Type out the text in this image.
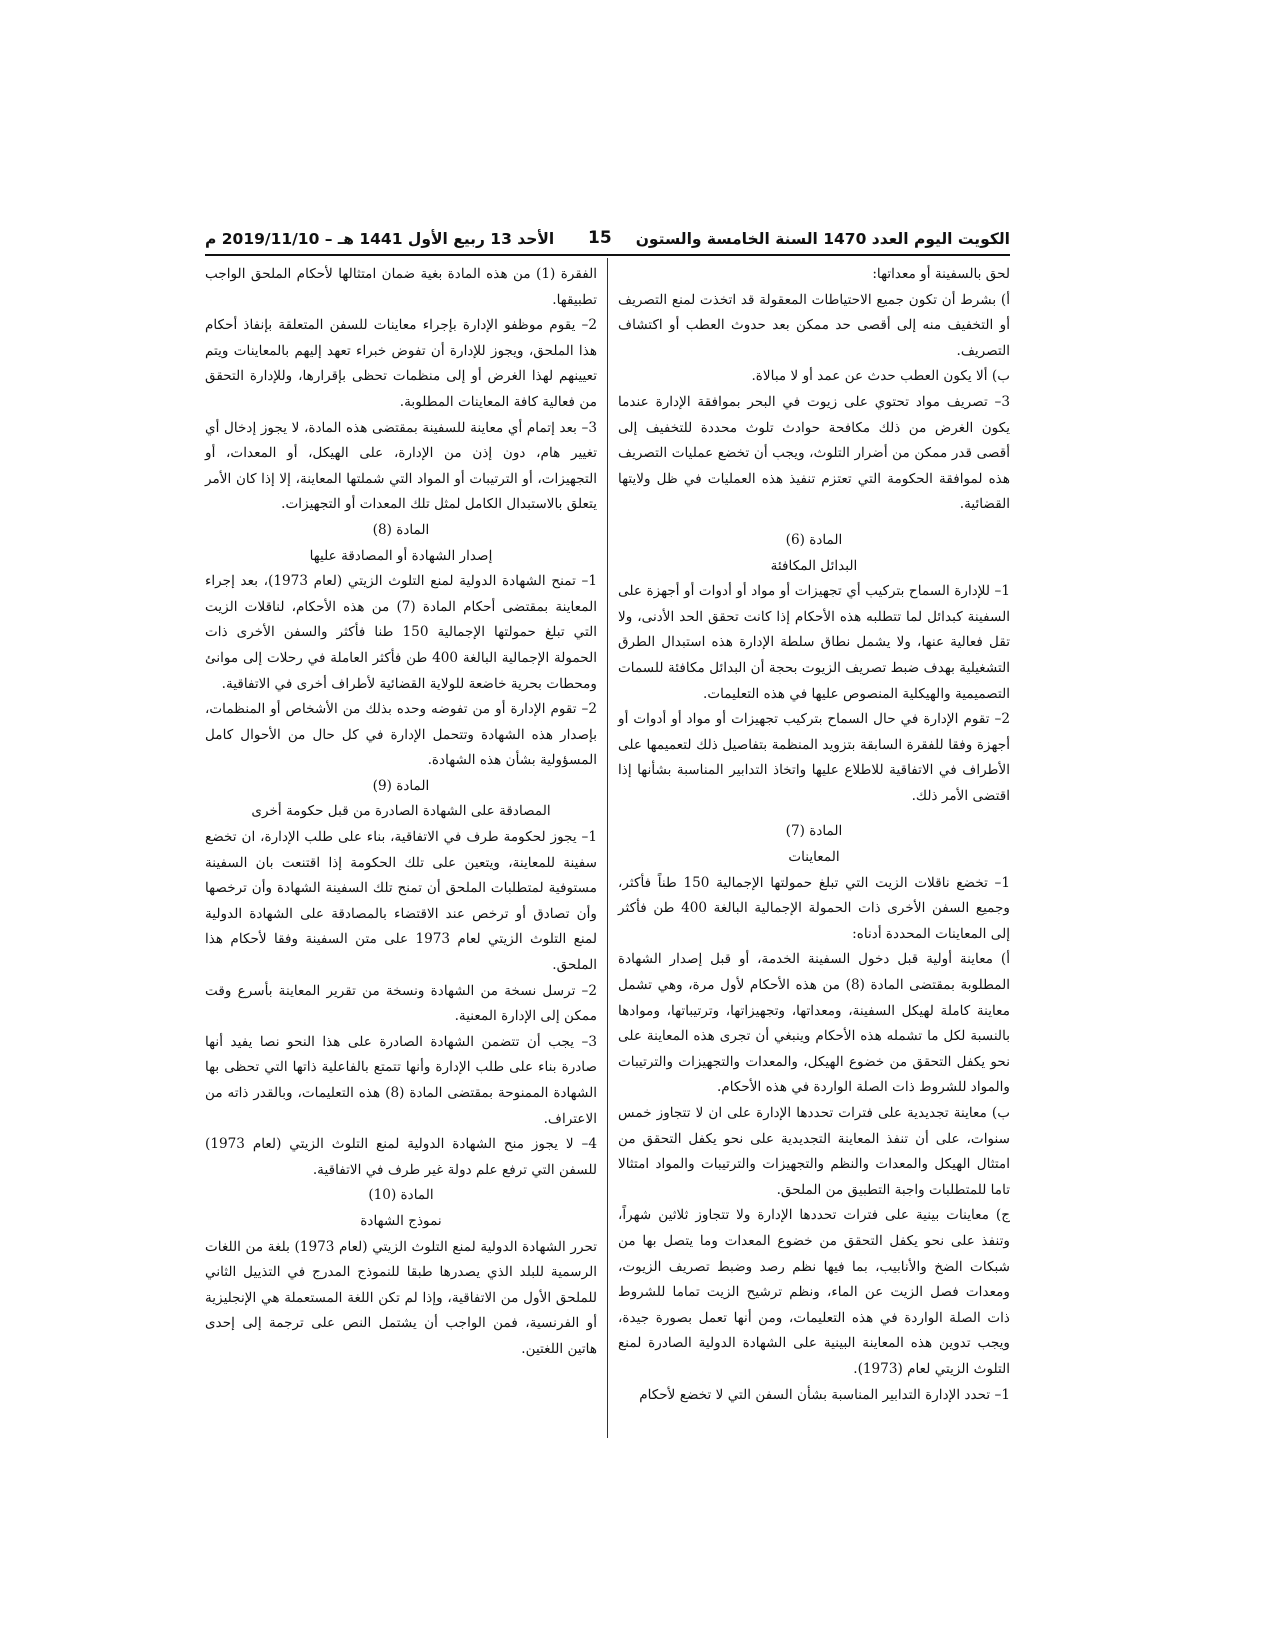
الكويت اليوم العدد 1470 السنة الخامسة والستون
15
الأحد 13 ربيع الأول 1441 هـ – 2019/11/10 م

لحق بالسفينة أو معداتها:

أ) بشرط أن تكون جميع الاحتياطات المعقولة قد اتخذت لمنع التصريف أو التخفيف منه إلى أقصى حد ممكن بعد حدوث العطب أو اكتشاف التصريف.

ب) ألا يكون العطب حدث عن عمد أو لا مبالاة.

3– تصريف مواد تحتوي على زيوت في البحر بموافقة الإدارة عندما يكون الغرض من ذلك مكافحة حوادث تلوث محددة للتخفيف إلى أقصى قدر ممكن من أضرار التلوث، ويجب أن تخضع عمليات التصريف هذه لموافقة الحكومة التي تعتزم تنفيذ هذه العمليات في ظل ولايتها القضائية.

المادة (6)

البدائل المكافئة

1– للإدارة السماح بتركيب أي تجهيزات أو مواد أو أدوات أو أجهزة على السفينة كبدائل لما تتطلبه هذه الأحكام إذا كانت تحقق الحد الأدنى، ولا تقل فعالية عنها، ولا يشمل نطاق سلطة الإدارة هذه استبدال الطرق التشغيلية بهدف ضبط تصريف الزيوت بحجة أن البدائل مكافئة للسمات التصميمية والهيكلية المنصوص عليها في هذه التعليمات.

2– تقوم الإدارة في حال السماح بتركيب تجهيزات أو مواد أو أدوات أو أجهزة وفقا للفقرة السابقة بتزويد المنظمة بتفاصيل ذلك لتعميمها على الأطراف في الاتفاقية للاطلاع عليها واتخاذ التدابير المناسبة بشأنها إذا اقتضى الأمر ذلك.

المادة (7)

المعاينات

1– تخضع ناقلات الزيت التي تبلغ حمولتها الإجمالية 150 طناً فأكثر، وجميع السفن الأخرى ذات الحمولة الإجمالية البالغة 400 طن فأكثر إلى المعاينات المحددة أدناه:

أ) معاينة أولية قبل دخول السفينة الخدمة، أو قبل إصدار الشهادة المطلوبة بمقتضى المادة (8) من هذه الأحكام لأول مرة، وهي تشمل معاينة كاملة لهيكل السفينة، ومعداتها، وتجهيزاتها، وترتيباتها، وموادها بالنسبة لكل ما تشمله هذه الأحكام وينبغي أن تجرى هذه المعاينة على نحو يكفل التحقق من خضوع الهيكل، والمعدات والتجهيزات والترتيبات والمواد للشروط ذات الصلة الواردة في هذه الأحكام.

ب) معاينة تجديدية على فترات تحددها الإدارة على ان لا تتجاوز خمس سنوات، على أن تنفذ المعاينة التجديدية على نحو يكفل التحقق من امتثال الهيكل والمعدات والنظم والتجهيزات والترتيبات والمواد امتثالا تاما للمتطلبات واجبة التطبيق من الملحق.

ج) معاينات بينية على فترات تحددها الإدارة ولا تتجاوز ثلاثين شهراً، وتنفذ على نحو يكفل التحقق من خضوع المعدات وما يتصل بها من شبكات الضخ والأنابيب، بما فيها نظم رصد وضبط تصريف الزيوت، ومعدات فصل الزيت عن الماء، ونظم ترشيح الزيت تماما للشروط ذات الصلة الواردة في هذه التعليمات، ومن أنها تعمل بصورة جيدة، ويجب تدوين هذه المعاينة البينية على الشهادة الدولية الصادرة لمنع التلوث الزيتي لعام (1973).

1– تحدد الإدارة التدابير المناسبة بشأن السفن التي لا تخضع لأحكام

الفقرة (1) من هذه المادة بغية ضمان امتثالها لأحكام الملحق الواجب تطبيقها.

2– يقوم موظفو الإدارة بإجراء معاينات للسفن المتعلقة بإنفاذ أحكام هذا الملحق، ويجوز للإدارة أن تفوض خبراء تعهد إليهم بالمعاينات ويتم تعيينهم لهذا الغرض أو إلى منظمات تحظى بإقرارها، وللإدارة التحقق من فعالية كافة المعاينات المطلوبة.

3– بعد إتمام أي معاينة للسفينة بمقتضى هذه المادة، لا يجوز إدخال أي تغيير هام، دون إذن من الإدارة، على الهيكل، أو المعدات، أو التجهيزات، أو الترتيبات أو المواد التي شملتها المعاينة، إلا إذا كان الأمر يتعلق بالاستبدال الكامل لمثل تلك المعدات أو التجهيزات.

المادة (8)

إصدار الشهادة أو المصادقة عليها

1– تمنح الشهادة الدولية لمنع التلوث الزيتي (لعام 1973)، بعد إجراء المعاينة بمقتضى أحكام المادة (7) من هذه الأحكام، لناقلات الزيت التي تبلغ حمولتها الإجمالية 150 طنا فأكثر والسفن الأخرى ذات الحمولة الإجمالية البالغة 400 طن فأكثر العاملة في رحلات إلى موانئ ومحطات بحرية خاضعة للولاية القضائية لأطراف أخرى في الاتفاقية.

2– تقوم الإدارة أو من تفوضه وحده بذلك من الأشخاص أو المنظمات، بإصدار هذه الشهادة وتتحمل الإدارة في كل حال من الأحوال كامل المسؤولية بشأن هذه الشهادة.

المادة (9)

المصادقة على الشهادة الصادرة من قبل حكومة أخرى

1– يجوز لحكومة طرف في الاتفاقية، بناء على طلب الإدارة، ان تخضع سفينة للمعاينة، ويتعين على تلك الحكومة إذا اقتنعت بان السفينة مستوفية لمتطلبات الملحق أن تمنح تلك السفينة الشهادة وأن ترخصها وأن تصادق أو ترخص عند الاقتضاء بالمصادقة على الشهادة الدولية لمنع التلوث الزيتي لعام 1973 على متن السفينة وفقا لأحكام هذا الملحق.

2– ترسل نسخة من الشهادة ونسخة من تقرير المعاينة بأسرع وقت ممكن إلى الإدارة المعنية.

3– يجب أن تتضمن الشهادة الصادرة على هذا النحو نصا يفيد أنها صادرة بناء على طلب الإدارة وأنها تتمتع بالفاعلية ذاتها التي تحظى بها الشهادة الممنوحة بمقتضى المادة (8) هذه التعليمات، وبالقدر ذاته من الاعتراف.

4– لا يجوز منح الشهادة الدولية لمنع التلوث الزيتي (لعام 1973) للسفن التي ترفع علم دولة غير طرف في الاتفاقية.

المادة (10)

نموذج الشهادة

تحرر الشهادة الدولية لمنع التلوث الزيتي (لعام 1973) بلغة من اللغات الرسمية للبلد الذي يصدرها طبقا للنموذج المدرج في التذييل الثاني للملحق الأول من الاتفاقية، وإذا لم تكن اللغة المستعملة هي الإنجليزية أو الفرنسية، فمن الواجب أن يشتمل النص على ترجمة إلى إحدى هاتين اللغتين.
